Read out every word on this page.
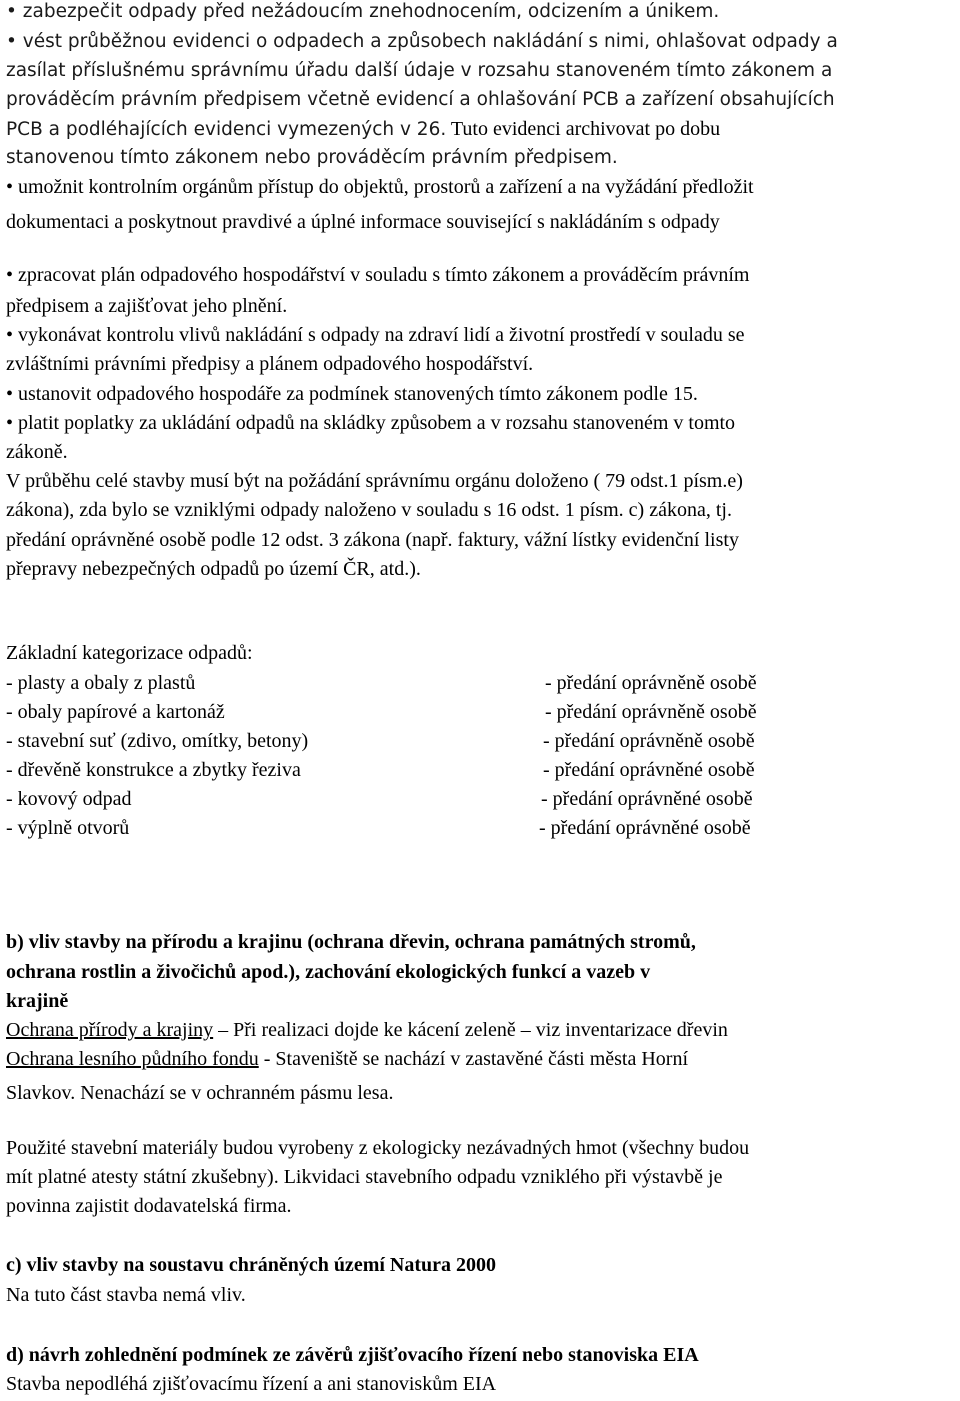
• zabezpečit odpady před nežádoucím znehodnocením, odcizením a únikem.
• vést průběžnou evidenci o odpadech a způsobech nakládání s nimi, ohlašovat odpady a
zasílat příslušnému správnímu úřadu další údaje v rozsahu stanoveném tímto zákonem a
prováděcím právním předpisem včetně evidencí a ohlašování PCB a zařízení obsahujících
PCB a podléhajících evidenci vymezených v 26. Tuto evidenci archivovat po dobu
stanovenou tímto zákonem nebo prováděcím právním předpisem.
• umožnit kontrolním orgánům přístup do objektů, prostorů a zařízení a na vyžádání předložit
dokumentaci a poskytnout pravdivé a úplné informace související s nakládáním s odpady
• zpracovat plán odpadového hospodářství v souladu s tímto zákonem a prováděcím právním
předpisem a zajišťovat jeho plnění.
• vykonávat kontrolu vlivů nakládání s odpady na zdraví lidí a životní prostředí v souladu se
zvláštními právními předpisy a plánem odpadového hospodářství.
• ustanovit odpadového hospodáře za podmínek stanovených tímto zákonem podle 15.
• platit poplatky za ukládání odpadů na skládky způsobem a v rozsahu stanoveném v tomto
zákoně.
V průběhu celé stavby musí být na požádání správnímu orgánu doloženo ( 79 odst.1 písm.e)
zákona), zda bylo se vzniklými odpady naloženo v souladu s 16 odst. 1 písm. c) zákona, tj.
předání oprávněné osobě podle 12 odst. 3 zákona (např. faktury, vážní lístky evidenční listy
přepravy nebezpečných odpadů po území ČR, atd.).
Základní kategorizace odpadů:
- plasty a obaly z plastů	- předání oprávněně osobě
- obaly papírové a kartonáž	- předání oprávněně osobě
- stavební suť (zdivo, omítky, betony)	- předání oprávněně osobě
- dřevěně konstrukce a zbytky řeziva	- předání oprávněné osobě
- kovový odpad	- předání oprávněné osobě
- výplně otvorů	- předání oprávněné osobě
b) vliv stavby na přírodu a krajinu (ochrana dřevin, ochrana památných stromů,
ochrana rostlin a živočichů apod.), zachování ekologických funkcí a vazeb v
krajině
Ochrana přírody a krajiny – Při realizaci dojde ke kácení zeleně – viz inventarizace dřevin
Ochrana lesního půdního fondu - Staveniště se nachází v zastavěné části města Horní
Slavkov. Nenachází se v ochranném pásmu lesa.
Použité stavební materiály budou vyrobeny z ekologicky nezávadných hmot (všechny budou
mít platné atesty státní zkušebny). Likvidaci stavebního odpadu vzniklého při výstavbě je
povinna zajistit dodavatelská firma.
c) vliv stavby na soustavu chráněných území Natura 2000
Na tuto část stavba nemá vliv.
d) návrh zohlednění podmínek ze závěrů zjišťovacího řízení nebo stanoviska EIA
Stavba nepodléhá zjišťovacímu řízení a ani stanoviskům EIA
